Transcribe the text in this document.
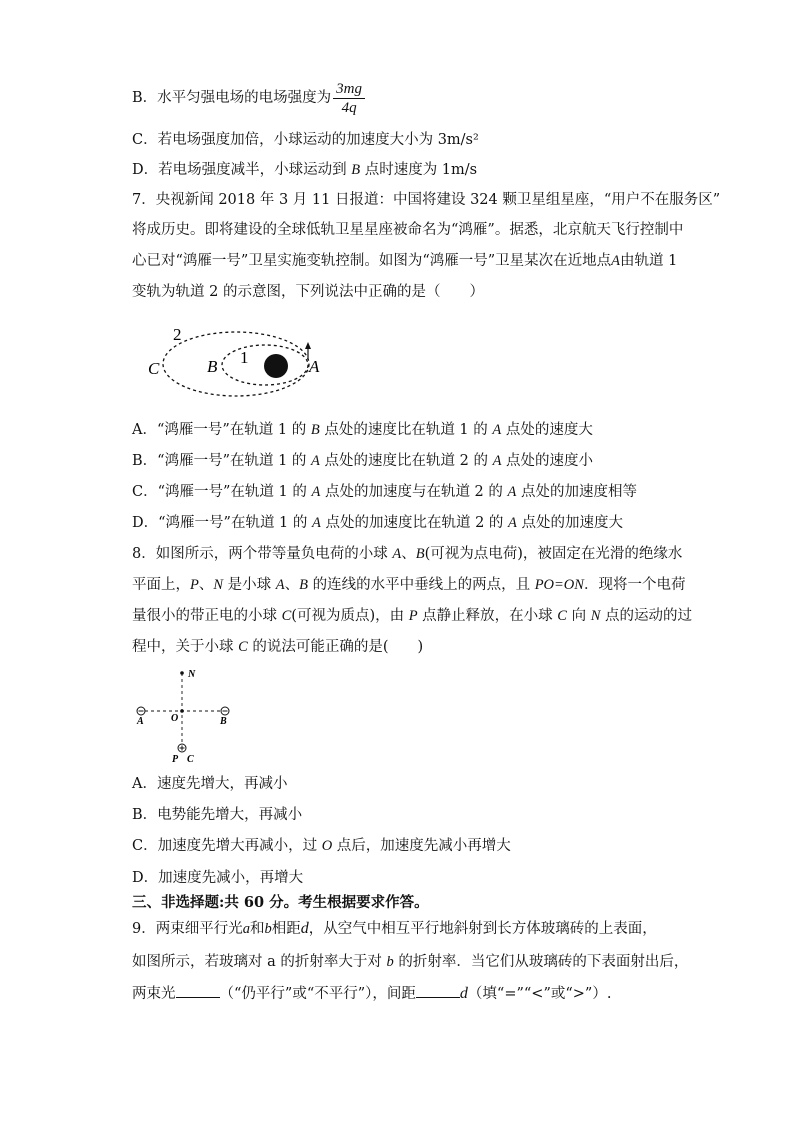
B．水平匀强电场的电场强度为 $\frac{3mg}{4q}$
C．若电场强度加倍，小球运动的加速度大小为 3m/s²
D．若电场强度减半，小球运动到 B 点时速度为 1m/s
7．央视新闻 2018 年 3 月 11 日报道：中国将建设 324 颗卫星组星座，“用户不在服务区”
将成历史。即将建设的全球低轨卫星星座被命名为“鸿雁”。据悉，北京航天飞行控制中
心已对“鸿雁一号”卫星实施变轨控制。如图为“鸿雁一号”卫星某次在近地点A由轨道 1
变轨为轨道 2 的示意图，下列说法中正确的是（　　）
2
1
C	B	A
A．“鸿雁一号”在轨道 1 的 B 点处的速度比在轨道 1 的 A 点处的速度大
B．“鸿雁一号”在轨道 1 的 A 点处的速度比在轨道 2 的 A 点处的速度小
C．“鸿雁一号”在轨道 1 的 A 点处的加速度与在轨道 2 的 A 点处的加速度相等
D．“鸿雁一号”在轨道 1 的 A 点处的加速度比在轨道 2 的 A 点处的加速度大
8．如图所示，两个带等量负电荷的小球 A、B(可视为点电荷)，被固定在光滑的绝缘水
平面上，P、N 是小球 A、B 的连线的水平中垂线上的两点，且 PO=ON．现将一个电荷
量很小的带正电的小球 C(可视为质点)，由 P 点静止释放，在小球 C 向 N 点的运动的过
程中，关于小球 C 的说法可能正确的是(　　)
N
A	O	B
P C
A．速度先增大，再减小
B．电势能先增大，再减小
C．加速度先增大再减小，过 O 点后，加速度先减小再增大
D．加速度先减小，再增大
三、非选择题:共 60 分。考生根据要求作答。
9．两束细平行光a和b相距d，从空气中相互平行地斜射到长方体玻璃砖的上表面，
如图所示，若玻璃对 a 的折射率大于对 b 的折射率．当它们从玻璃砖的下表面射出后，
两束光	（“仍平行”或“不平行”），间距	d（填“=”“<”或“>”）.
